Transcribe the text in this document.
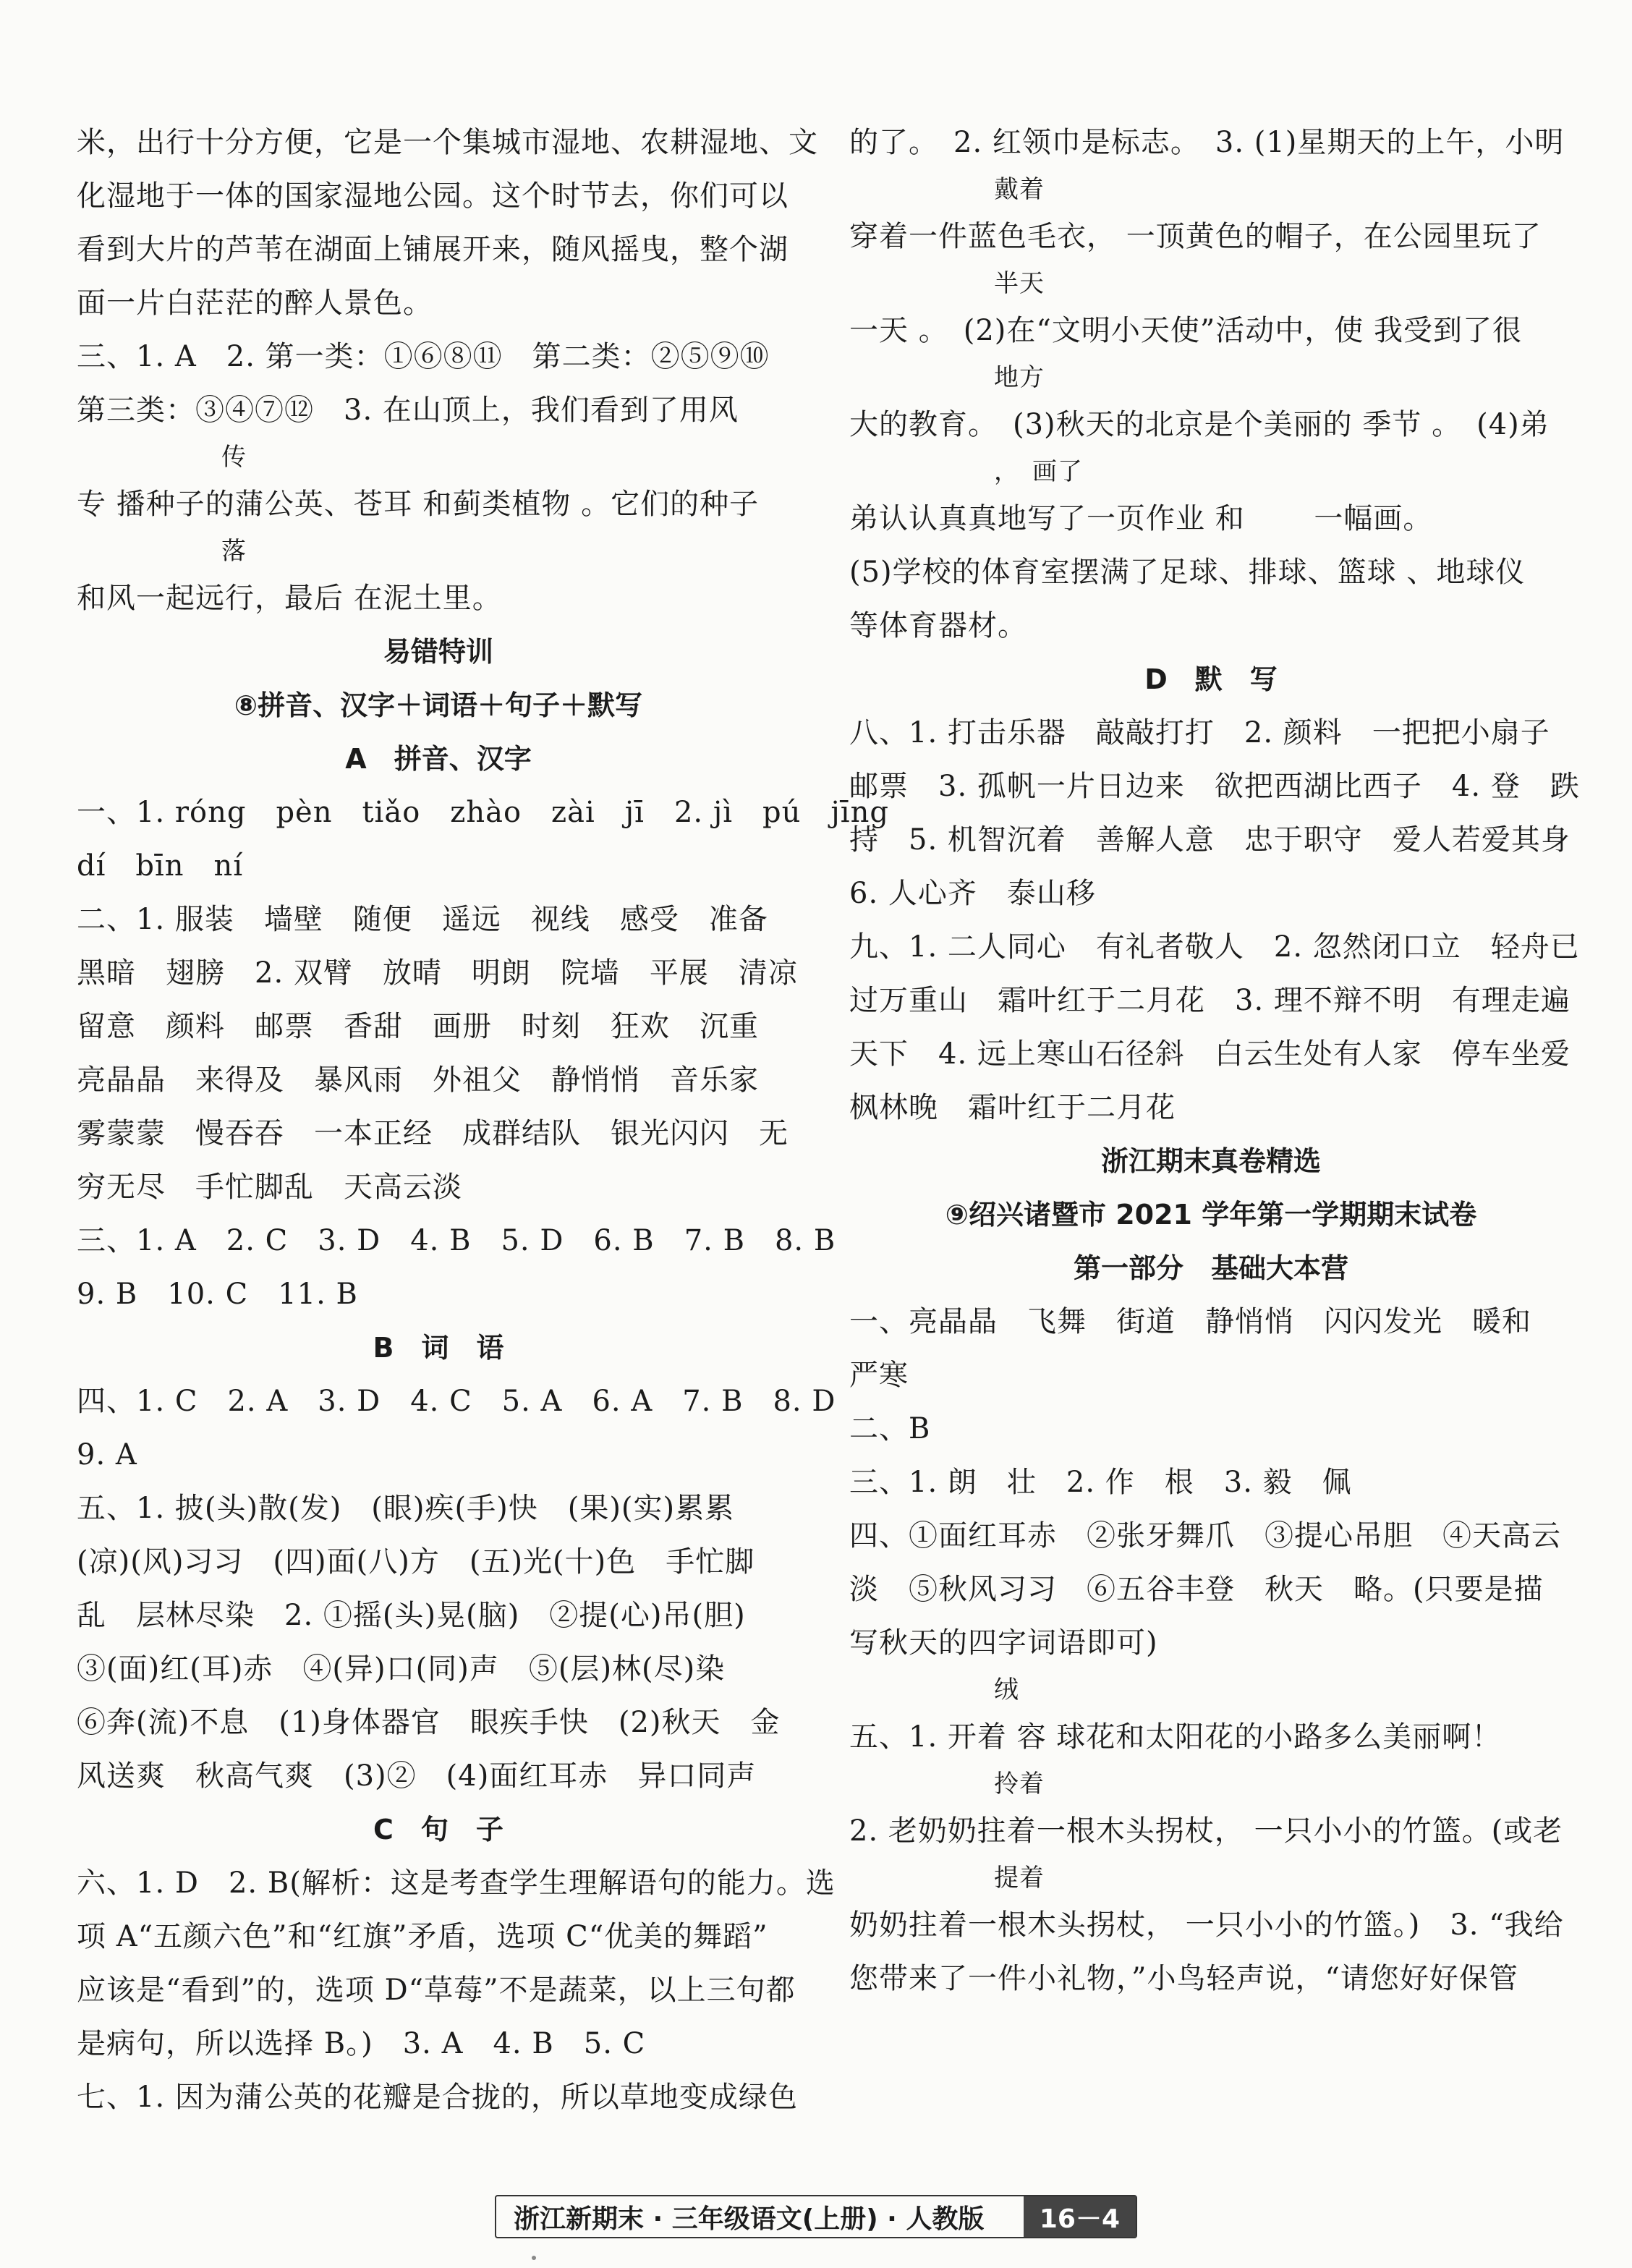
米，出行十分方便，它是一个集城市湿地、农耕湿地、文
化湿地于一体的国家湿地公园。这个时节去，你们可以
看到大片的芦苇在湖面上铺展开来，随风摇曳，整个湖
面一片白茫茫的醉人景色。
三、1. A　2. 第一类：①⑥⑧⑪　第二类：②⑤⑨⑩
第三类：③④⑦⑫　3. 在山顶上，我们看到了用风
传
专 播种子的蒲公英、苍耳 和蓟类植物 。它们的种子
落
和风一起远行，最后 在泥土里。
易错特训
⑧拼音、汉字＋词语＋句子＋默写
A　拼音、汉字
一、1. róng　pèn　tiǎo　zhào　zài　jī　2. jì　pú　jīng
dí　bīn　ní
二、1. 服装　墙壁　随便　遥远　视线　感受　准备
黑暗　翅膀　2. 双臂　放晴　明朗　院墙　平展　清凉
留意　颜料　邮票　香甜　画册　时刻　狂欢　沉重
亮晶晶　来得及　暴风雨　外祖父　静悄悄　音乐家
雾蒙蒙　慢吞吞　一本正经　成群结队　银光闪闪　无
穷无尽　手忙脚乱　天高云淡
三、1. A　2. C　3. D　4. B　5. D　6. B　7. B　8. B
9. B　10. C　11. B
B　词　语
四、1. C　2. A　3. D　4. C　5. A　6. A　7. B　8. D
9. A
五、1. 披(头)散(发)　(眼)疾(手)快　(果)(实)累累
(凉)(风)习习　(四)面(八)方　(五)光(十)色　手忙脚
乱　层林尽染　2. ①摇(头)晃(脑)　②提(心)吊(胆)
③(面)红(耳)赤　④(异)口(同)声　⑤(层)林(尽)染
⑥奔(流)不息　(1)身体器官　眼疾手快　(2)秋天　金
风送爽　秋高气爽　(3)②　(4)面红耳赤　异口同声
C　句　子
六、1. D　2. B(解析：这是考查学生理解语句的能力。选
项 A“五颜六色”和“红旗”矛盾，选项 C“优美的舞蹈”
应该是“看到”的，选项 D“草莓”不是蔬菜，以上三句都
是病句，所以选择 B。)　3. A　4. B　5. C
七、1. 因为蒲公英的花瓣是合拢的，所以草地变成绿色
的了。　2. 红领巾是标志。　3. (1)星期天的上午，小明
戴着
穿着一件蓝色毛衣， 一顶黄色的帽子，在公园里玩了
半天
一天 。　(2)在“文明小天使”活动中，使 我受到了很
地方
大的教育。　(3)秋天的北京是个美丽的 季节 。　(4)弟
，　画了
弟认认真真地写了一页作业 和 　　一幅画。
(5)学校的体育室摆满了足球、排球、篮球 、地球仪
等体育器材。
D　默　写
八、1. 打击乐器　敲敲打打　2. 颜料　一把把小扇子
邮票　3. 孤帆一片日边来　欲把西湖比西子　4. 登　跌
持　5. 机智沉着　善解人意　忠于职守　爱人若爱其身
6. 人心齐　泰山移
九、1. 二人同心　有礼者敬人　2. 忽然闭口立　轻舟已
过万重山　霜叶红于二月花　3. 理不辩不明　有理走遍
天下　4. 远上寒山石径斜　白云生处有人家　停车坐爱
枫林晚　霜叶红于二月花
浙江期末真卷精选
⑨绍兴诸暨市 2021 学年第一学期期末试卷
第一部分　基础大本营
一、亮晶晶　飞舞　街道　静悄悄　闪闪发光　暖和
严寒
二、B
三、1. 朗　壮　2. 作　根　3. 毅　佩
四、①面红耳赤　②张牙舞爪　③提心吊胆　④天高云
淡　⑤秋风习习　⑥五谷丰登　秋天　略。(只要是描
写秋天的四字词语即可)
绒
五、1. 开着 容 球花和太阳花的小路多么美丽啊！
拎着
2. 老奶奶拄着一根木头拐杖， 一只小小的竹篮。(或老
提着
奶奶拄着一根木头拐杖， 一只小小的竹篮。)　3. “我给
您带来了一件小礼物，”小鸟轻声说，“请您好好保管
浙江新期末 · 三年级语文(上册) · 人教版	16－4
